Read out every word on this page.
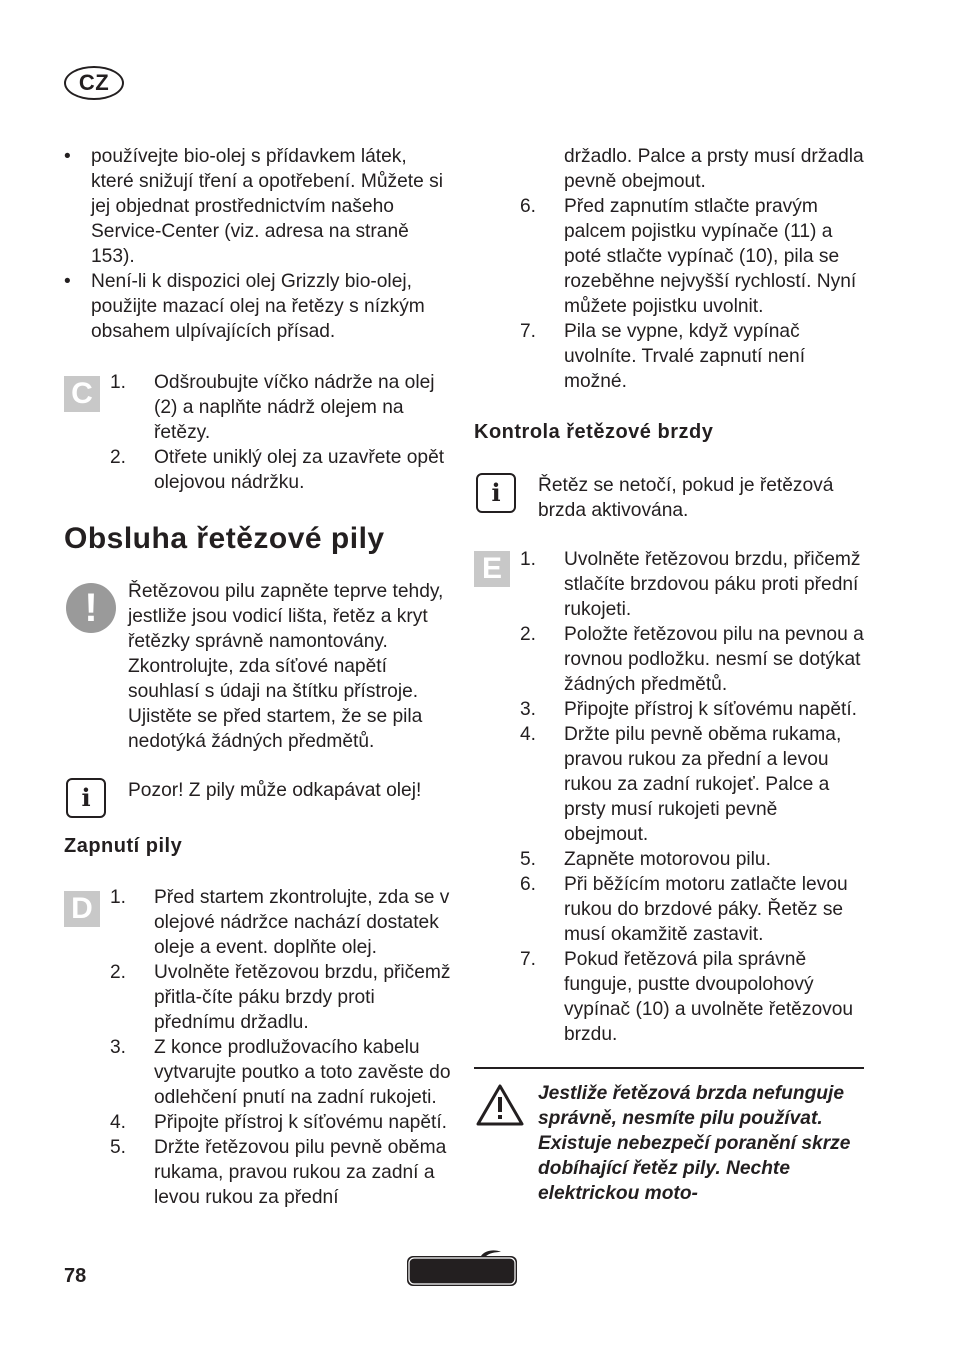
CZ
• používejte bio-olej s přídavkem látek, které snižují tření a opotřebení. Můžete si jej objednat prostřednictvím našeho Service-Center (viz. adresa na straně 153).
• Není-li k dispozici olej Grizzly bio-olej, použijte mazací olej na řetězy s nízkým obsahem ulpívajících přísad.
C 1.	Odšroubujte víčko nádrže na olej (2) a naplňte nádrž olejem na řetězy.
2.	Otřete uniklý olej za uzavřete opět olejovou nádržku.
Obsluha řetězové pily
!	Řetězovou pilu zapněte teprve tehdy, jestliže jsou vodicí lišta, řetěz a kryt řetězky správně namontovány. Zkontrolujte, zda síťové napětí souhlasí s údaji na štítku přístroje. Ujistěte se před startem, že se pila nedotýká žádných předmětů.
i	Pozor! Z pily může odkapávat olej!
Zapnutí pily
D 1.	Před startem zkontrolujte, zda se v olejové nádržce nachází dostatek oleje a event. doplňte olej.
2.	Uvolněte řetězovou brzdu, přičemž přitla-číte páku brzdy proti přednímu držadlu.
3.	Z konce prodlužovacího kabelu vytvarujte poutko a toto zavěste do odlehčení pnutí na zadní rukojeti.
4.	Připojte přístroj k síťovému napětí.
5.	Držte řetězovou pilu pevně oběma rukama, pravou rukou za zadní a levou rukou za přední
držadlo. Palce a prsty musí držadla pevně obejmout.
6.	Před zapnutím stlačte pravým palcem pojistku vypínače (11) a poté stlačte vypínač (10), pila se rozeběhne nejvyšší rychlostí. Nyní můžete pojistku uvolnit.
7.	Pila se vypne, když vypínač uvolníte. Trvalé zapnutí není možné.
Kontrola řetězové brzdy
i	Řetěz se netočí, pokud je řetězová brzda aktivována.
E 1.	Uvolněte řetězovou brzdu, přičemž stlačíte brzdovou páku proti přední rukojeti.
2.	Položte řetězovou pilu na pevnou a rovnou podložku. nesmí se dotýkat žádných předmětů.
3.	Připojte přístroj k síťovému napětí.
4.	Držte pilu pevně oběma rukama, pravou rukou za přední a levou rukou za zadní rukojeť. Palce a prsty musí rukojeti pevně obejmout.
5.	Zapněte motorovou pilu.
6.	Při běžícím motoru zatlačte levou rukou do brzdové páky. Řetěz se musí okamžitě zastavit.
7.	Pokud řetězová pila správně funguje, pustte dvoupolohový vypínač (10) a uvolněte řetězovou brzdu.
Jestliže řetězová brzda nefunguje správně, nesmíte pilu používat. Existuje nebezpečí poranění skrze dobíhající řetěz pily. Nechte elektrickou moto-
78
